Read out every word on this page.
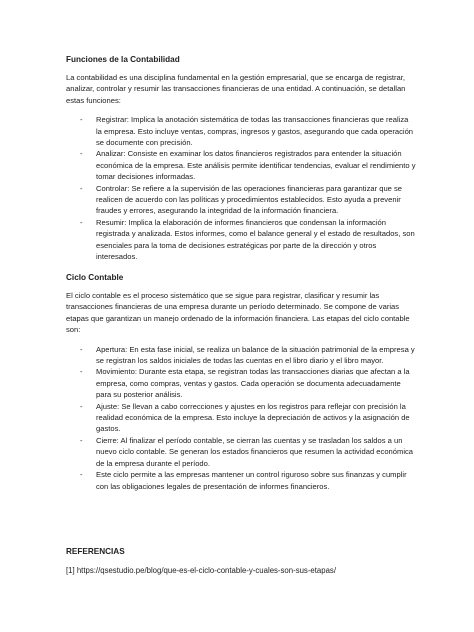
Funciones de la Contabilidad

La contabilidad es una disciplina fundamental en la gestión empresarial, que se encarga de registrar, analizar, controlar y resumir las transacciones financieras de una entidad. A continuación, se detallan estas funciones:

- Registrar: Implica la anotación sistemática de todas las transacciones financieras que realiza la empresa. Esto incluye ventas, compras, ingresos y gastos, asegurando que cada operación se documente con precisión.
- Analizar: Consiste en examinar los datos financieros registrados para entender la situación económica de la empresa. Este análisis permite identificar tendencias, evaluar el rendimiento y tomar decisiones informadas.
- Controlar: Se refiere a la supervisión de las operaciones financieras para garantizar que se realicen de acuerdo con las políticas y procedimientos establecidos. Esto ayuda a prevenir fraudes y errores, asegurando la integridad de la información financiera.
- Resumir: Implica la elaboración de informes financieros que condensan la información registrada y analizada. Estos informes, como el balance general y el estado de resultados, son esenciales para la toma de decisiones estratégicas por parte de la dirección y otros interesados.

Ciclo Contable

El ciclo contable es el proceso sistemático que se sigue para registrar, clasificar y resumir las transacciones financieras de una empresa durante un período determinado. Se compone de varias etapas que garantizan un manejo ordenado de la información financiera. Las etapas del ciclo contable son:

- Apertura: En esta fase inicial, se realiza un balance de la situación patrimonial de la empresa y se registran los saldos iniciales de todas las cuentas en el libro diario y el libro mayor.
- Movimiento: Durante esta etapa, se registran todas las transacciones diarias que afectan a la empresa, como compras, ventas y gastos. Cada operación se documenta adecuadamente para su posterior análisis.
- Ajuste: Se llevan a cabo correcciones y ajustes en los registros para reflejar con precisión la realidad económica de la empresa. Esto incluye la depreciación de activos y la asignación de gastos.
- Cierre: Al finalizar el período contable, se cierran las cuentas y se trasladan los saldos a un nuevo ciclo contable. Se generan los estados financieros que resumen la actividad económica de la empresa durante el período.
- Este ciclo permite a las empresas mantener un control riguroso sobre sus finanzas y cumplir con las obligaciones legales de presentación de informes financieros.

REFERENCIAS

[1] https://qsestudio.pe/blog/que-es-el-ciclo-contable-y-cuales-son-sus-etapas/
